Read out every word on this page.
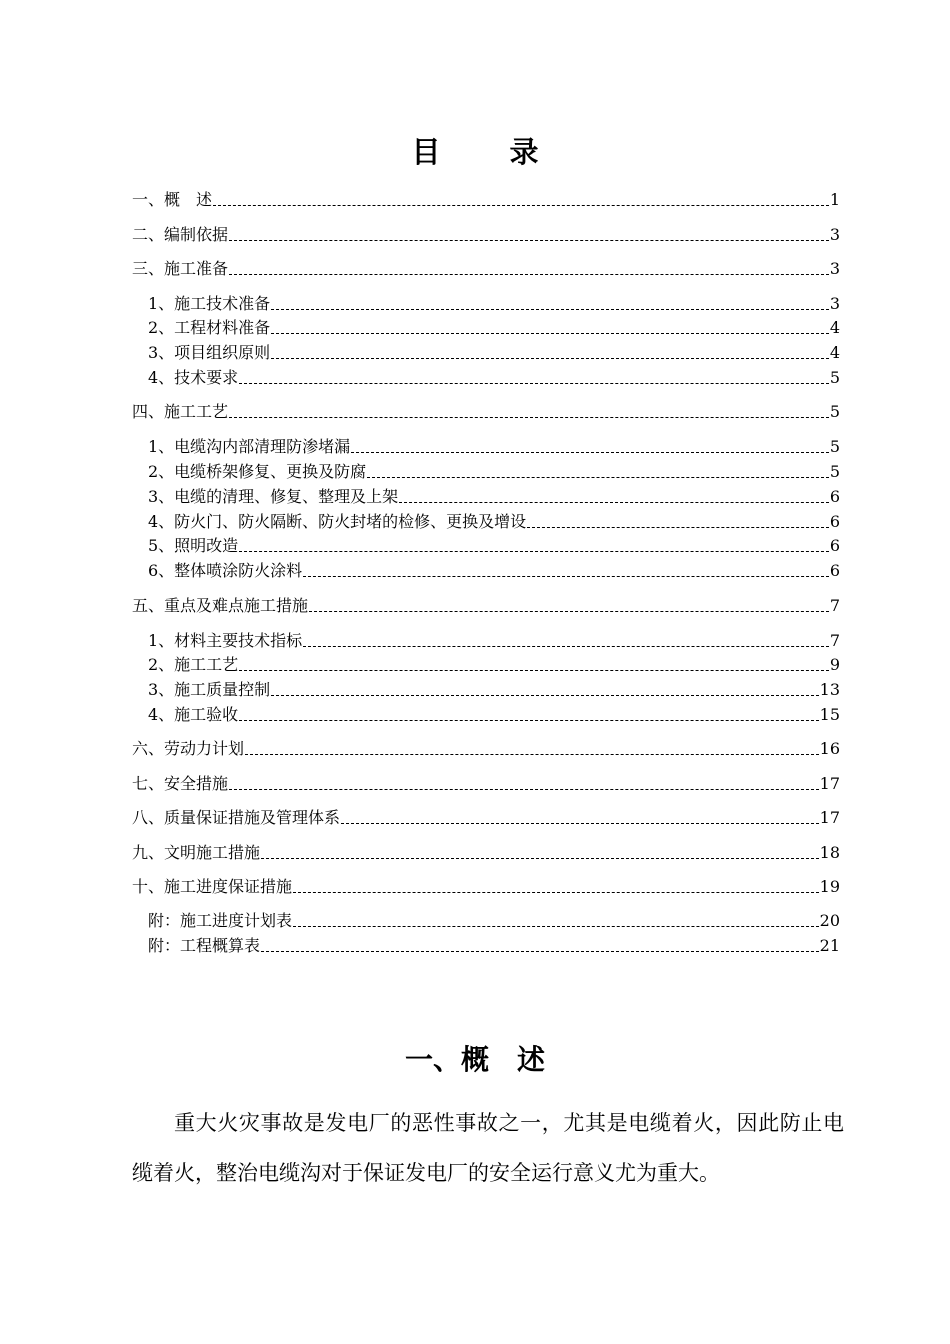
目　录
一、概　述	1
二、编制依据	3
三、施工准备	3
1、施工技术准备	3
2、工程材料准备	4
3、项目组织原则	4
4、技术要求	5
四、施工工艺	5
1、电缆沟内部清理防渗堵漏	5
2、电缆桥架修复、更换及防腐	5
3、电缆的清理、修复、整理及上架	6
4、防火门、防火隔断、防火封堵的检修、更换及增设	6
5、照明改造	6
6、整体喷涂防火涂料	6
五、重点及难点施工措施	7
1、材料主要技术指标	7
2、施工工艺	9
3、施工质量控制	13
4、施工验收	15
六、劳动力计划	16
七、安全措施	17
八、质量保证措施及管理体系	17
九、文明施工措施	18
十、施工进度保证措施	19
附：施工进度计划表	20
附：工程概算表	21
一、概　述
重大火灾事故是发电厂的恶性事故之一，尤其是电缆着火，因此防止电缆着火，整治电缆沟对于保证发电厂的安全运行意义尤为重大。
